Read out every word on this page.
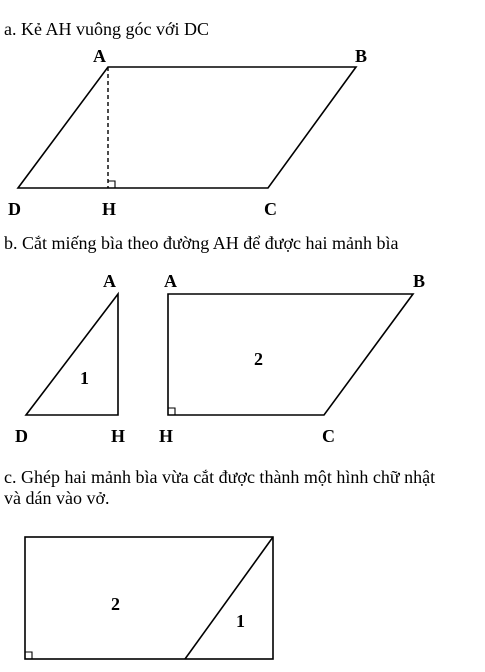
a. Kẻ AH vuông góc với DC
A	B
C
D	H
b. Cắt miếng bìa theo đường AH để được hai mảnh bìa
A
D	H
1
A	B
C
H
2
c. Ghép hai mảnh bìa vừa cắt được thành một hình chữ nhật
và dán vào vở.
2
1
